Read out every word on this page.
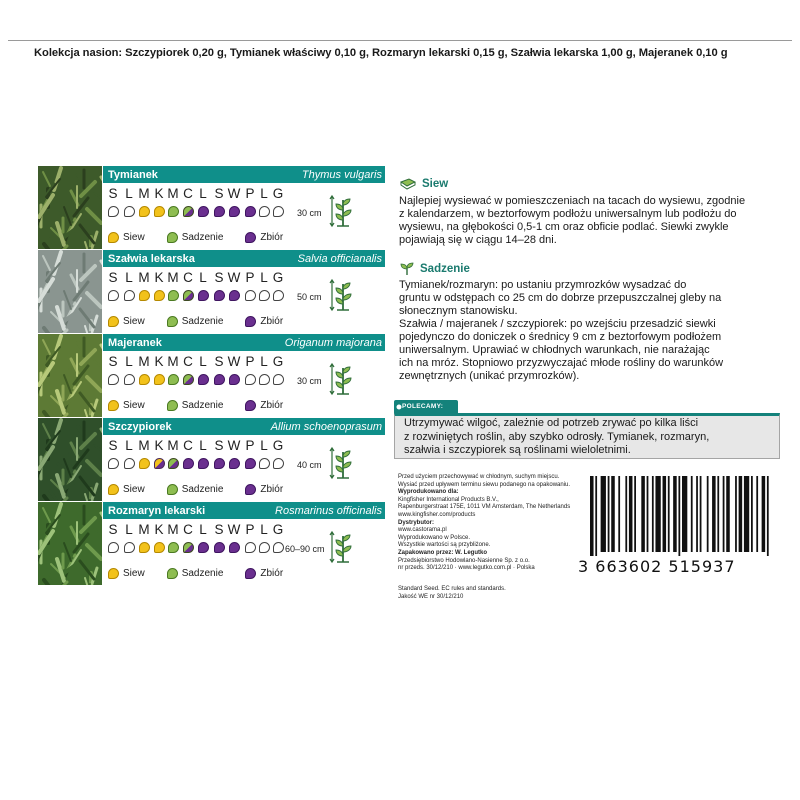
Kolekcja nasion: Szczypiorek 0,20 g, Tymianek właściwy 0,10 g, Rozmaryn lekarski 0,15 g, Szałwia lekarska 1,00 g, Majeranek 0,10 g
Tymianek	Thymus vulgaris
S L M K M C L S W P L G
30 cm
Siew	Sadzenie	Zbiór
Szałwia lekarska	Salvia officianalis
S L M K M C L S W P L G
50 cm
Siew	Sadzenie	Zbiór
Majeranek	Origanum majorana
S L M K M C L S W P L G
30 cm
Siew	Sadzenie	Zbiór
Szczypiorek	Allium schoenoprasum
S L M K M C L S W P L G
40 cm
Siew	Sadzenie	Zbiór
Rozmaryn lekarski	Rosmarinus officinalis
S L M K M C L S W P L G
60–90 cm
Siew	Sadzenie	Zbiór
Siew
Najlepiej wysiewać w pomieszczeniach na tacach do wysiewu, zgodnie
z kalendarzem, w beztorfowym podłożu uniwersalnym lub podłożu do
wysiewu, na głębokości 0,5-1 cm oraz obficie podlać. Siewki zwykle
pojawiają się w ciągu 14–28 dni.
Sadzenie
Tymianek/rozmaryn: po ustaniu przymrozków wysadzać do
gruntu w odstępach co 25 cm do dobrze przepuszczalnej gleby na
słonecznym stanowisku.
Szałwia / majeranek / szczypiorek: po wzejściu przesadzić siewki
pojedynczo do doniczek o średnicy 9 cm z beztorfowym podłożem
uniwersalnym. Uprawiać w chłodnych warunkach, nie narażając
ich na mróz. Stopniowo przyzwyczajać młode rośliny do warunków
zewnętrznych (unikać przymrozków).
POLECAMY:
Utrzymywać wilgoć, zależnie od potrzeb zrywać po kilka liści
z rozwiniętych roślin, aby szybko odrosły. Tymianek, rozmaryn,
szałwia i szczypiorek są roślinami wieloletnimi.
Przed użyciem przechowywać w chłodnym, suchym miejscu.
Wysiać przed upływem terminu siewu podanego na opakowaniu.
Wyprodukowano dla:
Kingfisher International Products B.V.,
Rapenburgerstraat 175E, 1011 VM Amsterdam, The Netherlands
www.kingfisher.com/products
Dystrybutor:
www.castorama.pl
Wyprodukowano w Polsce.
Wszystkie wartości są przybliżone.
Zapakowano przez: W. Legutko
Przedsiębiorstwo Hodowlano-Nasienne Sp. z o.o.
nr przeds. 30/12/210 · www.legutko.com.pl · Polska
Standard Seed. EC rules and standards.
Jakość WE nr 30/12/210
3 663602 515937
